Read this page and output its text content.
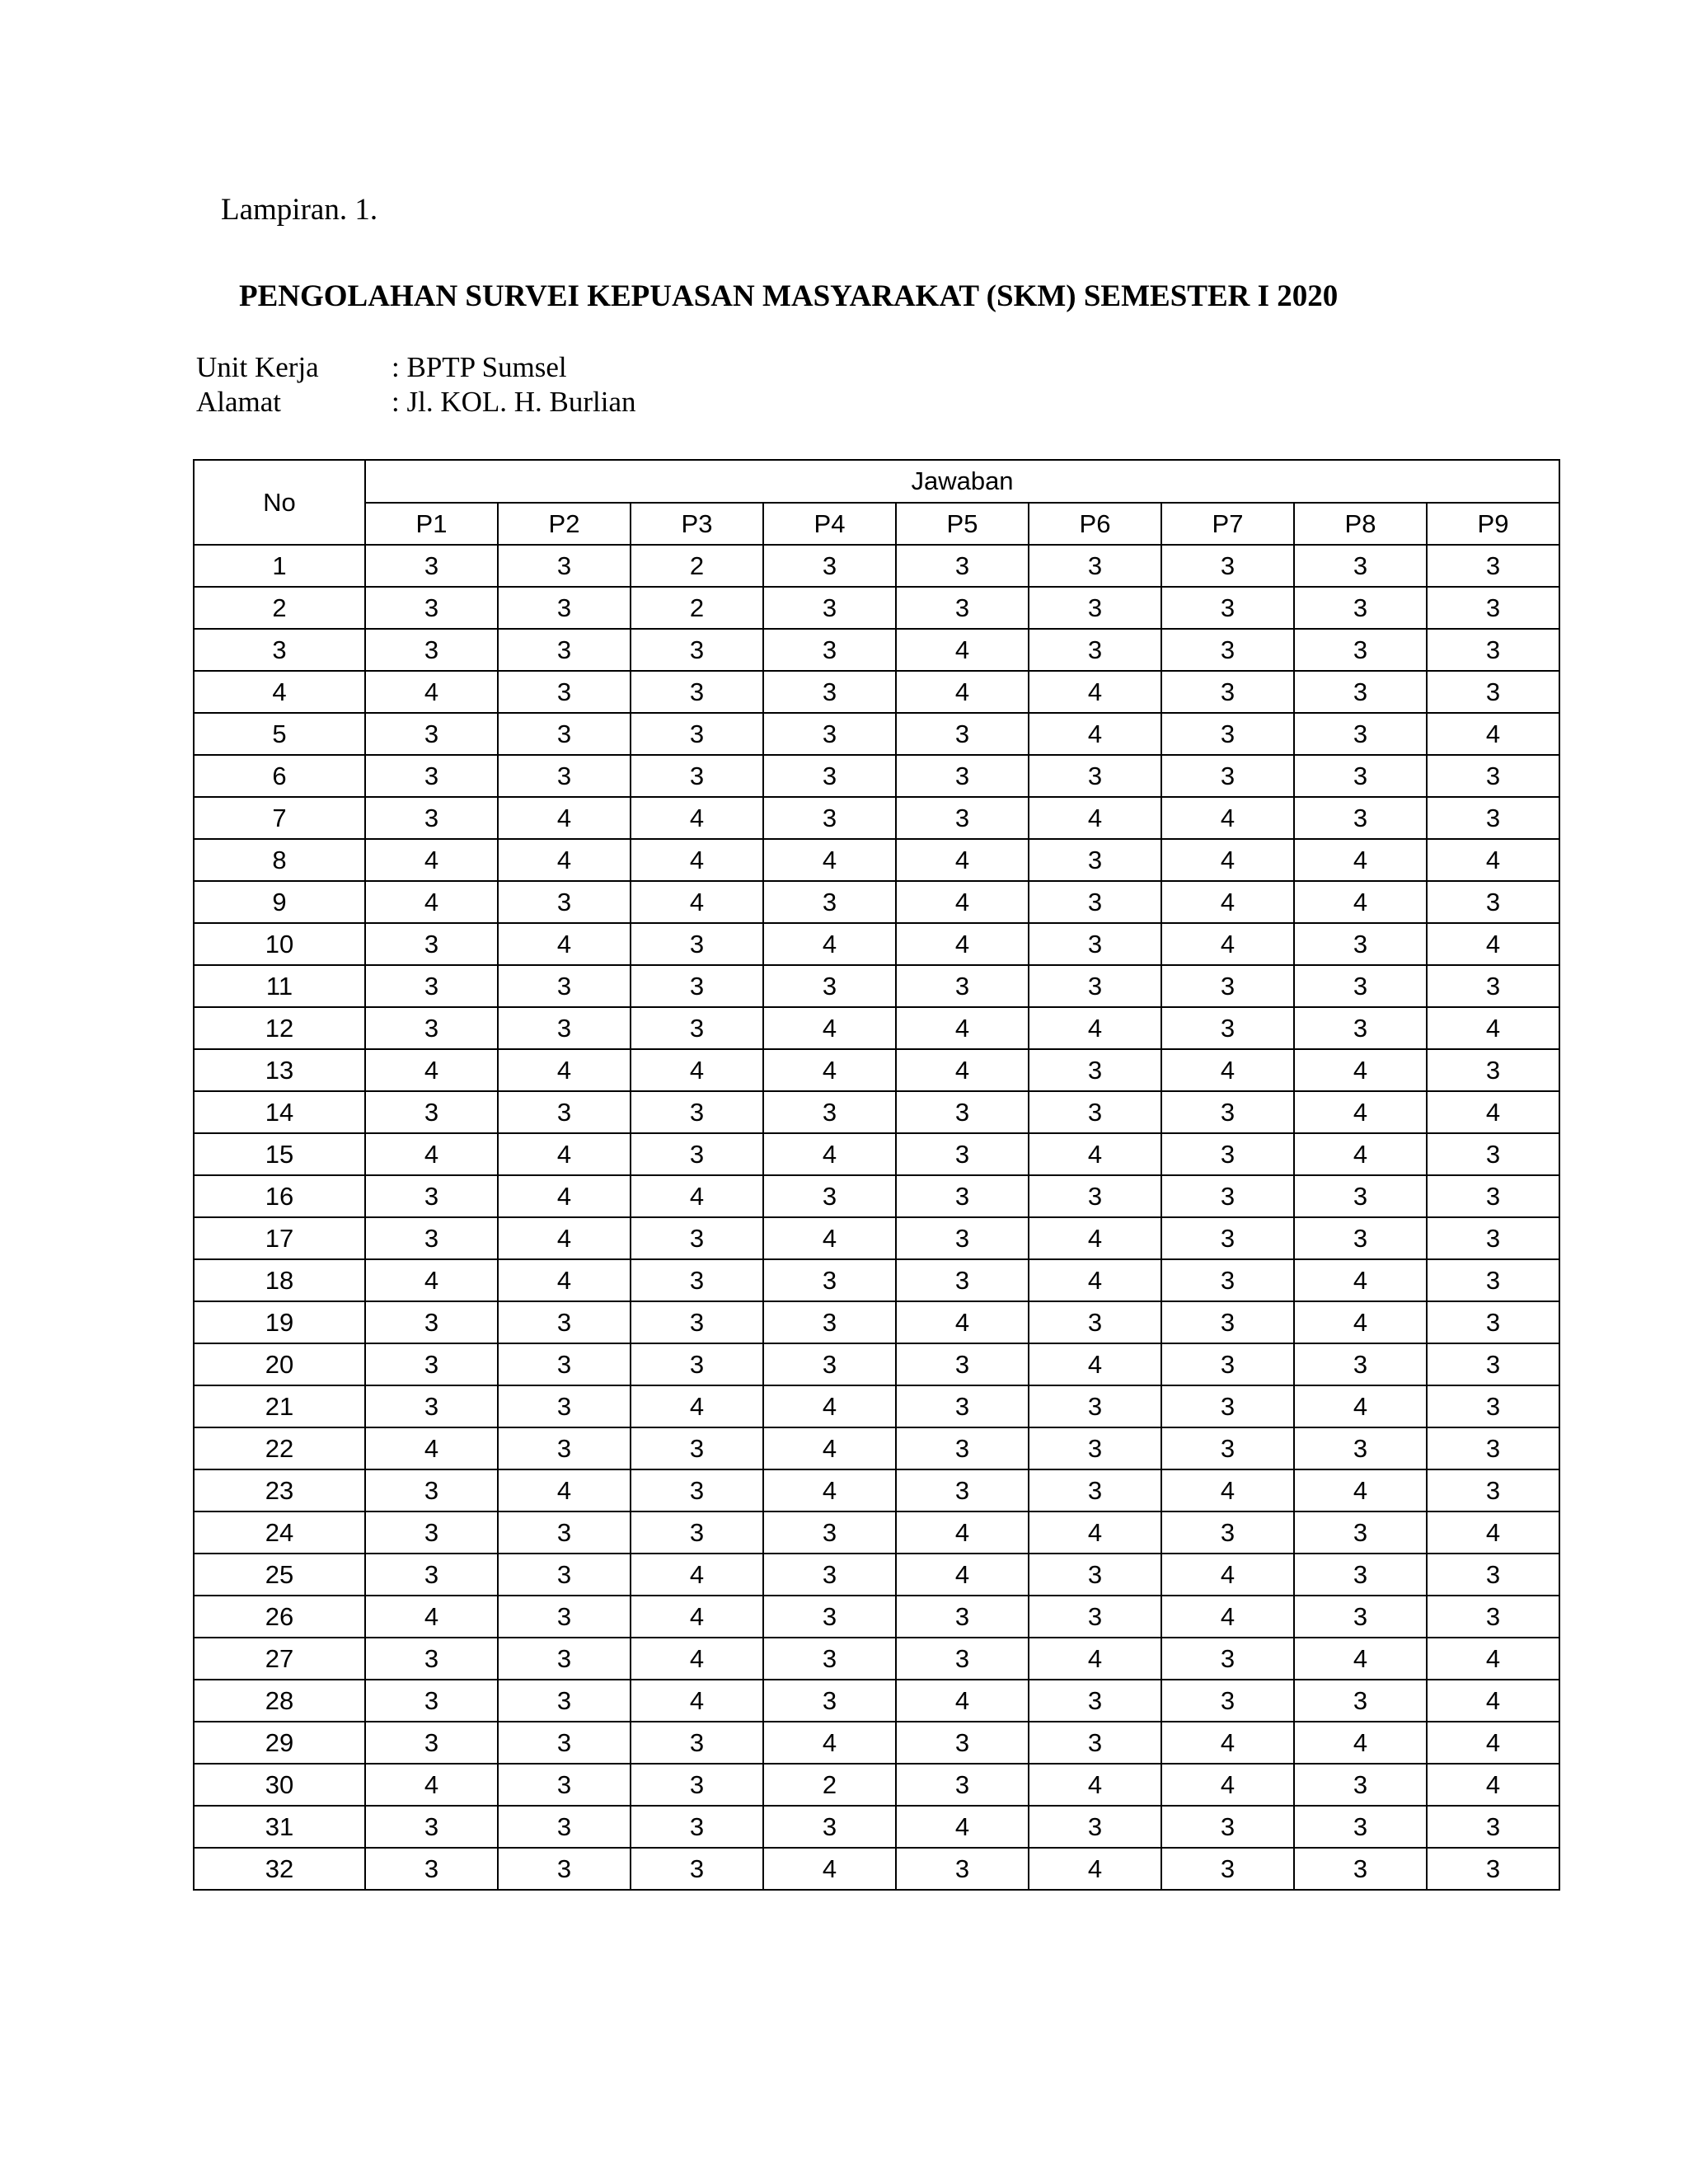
Lampiran. 1.

PENGOLAHAN SURVEI KEPUASAN MASYARAKAT (SKM) SEMESTER I 2020
Unit Kerja	: BPTP Sumsel
Alamat	: Jl. KOL. H. Burlian
No	Jawaban								
	P1	P2	P3	P4	P5	P6	P7	P8	P9
1	3	3	2	3	3	3	3	3	3
2	3	3	2	3	3	3	3	3	3
3	3	3	3	3	4	3	3	3	3
4	4	3	3	3	4	4	3	3	3
5	3	3	3	3	3	4	3	3	4
6	3	3	3	3	3	3	3	3	3
7	3	4	4	3	3	4	4	3	3
8	4	4	4	4	4	3	4	4	4
9	4	3	4	3	4	3	4	4	3
10	3	4	3	4	4	3	4	3	4
11	3	3	3	3	3	3	3	3	3
12	3	3	3	4	4	4	3	3	4
13	4	4	4	4	4	3	4	4	3
14	3	3	3	3	3	3	3	4	4
15	4	4	3	4	3	4	3	4	3
16	3	4	4	3	3	3	3	3	3
17	3	4	3	4	3	4	3	3	3
18	4	4	3	3	3	4	3	4	3
19	3	3	3	3	4	3	3	4	3
20	3	3	3	3	3	4	3	3	3
21	3	3	4	4	3	3	3	4	3
22	4	3	3	4	3	3	3	3	3
23	3	4	3	4	3	3	4	4	3
24	3	3	3	3	4	4	3	3	4
25	3	3	4	3	4	3	4	3	3
26	4	3	4	3	3	3	4	3	3
27	3	3	4	3	3	4	3	4	4
28	3	3	4	3	4	3	3	3	4
29	3	3	3	4	3	3	4	4	4
30	4	3	3	2	3	4	4	3	4
31	3	3	3	3	4	3	3	3	3
32	3	3	3	4	3	4	3	3	3
